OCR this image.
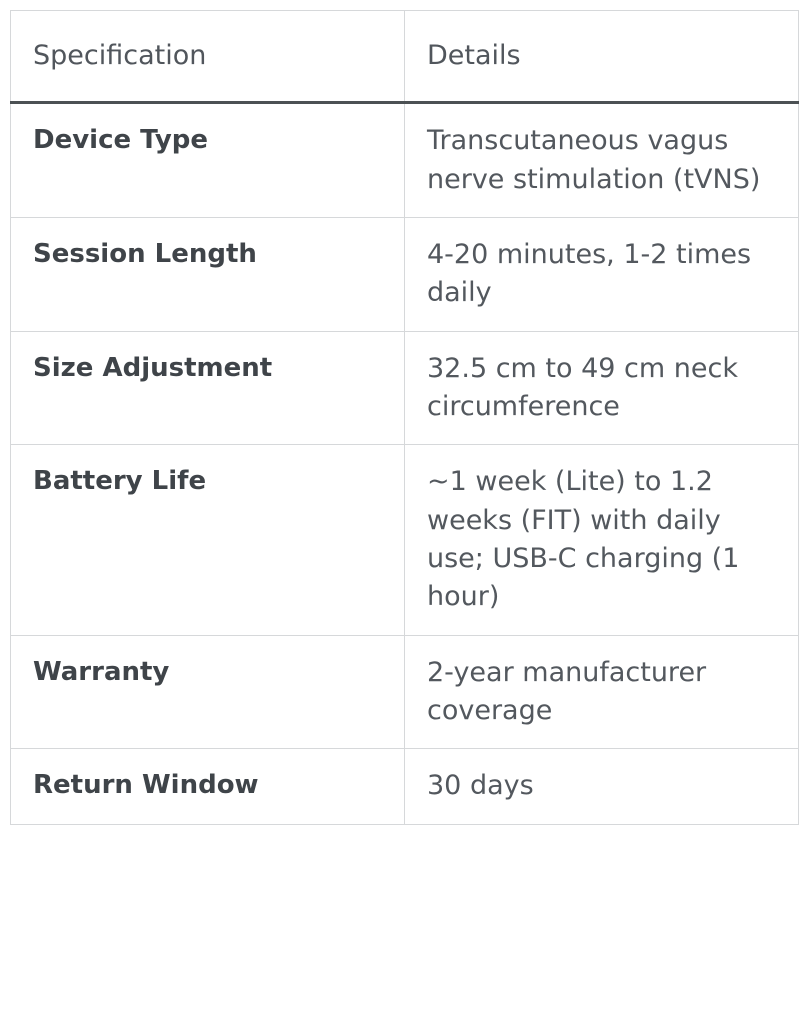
Specification	Details
Device Type	Transcutaneous vagus nerve stimulation (tVNS)
Session Length	4-20 minutes, 1-2 times daily
Size Adjustment	32.5 cm to 49 cm neck circumference
Battery Life	~1 week (Lite) to 1.2 weeks (FIT) with daily use; USB-C charging (1 hour)
Warranty	2-year manufacturer coverage
Return Window	30 days
